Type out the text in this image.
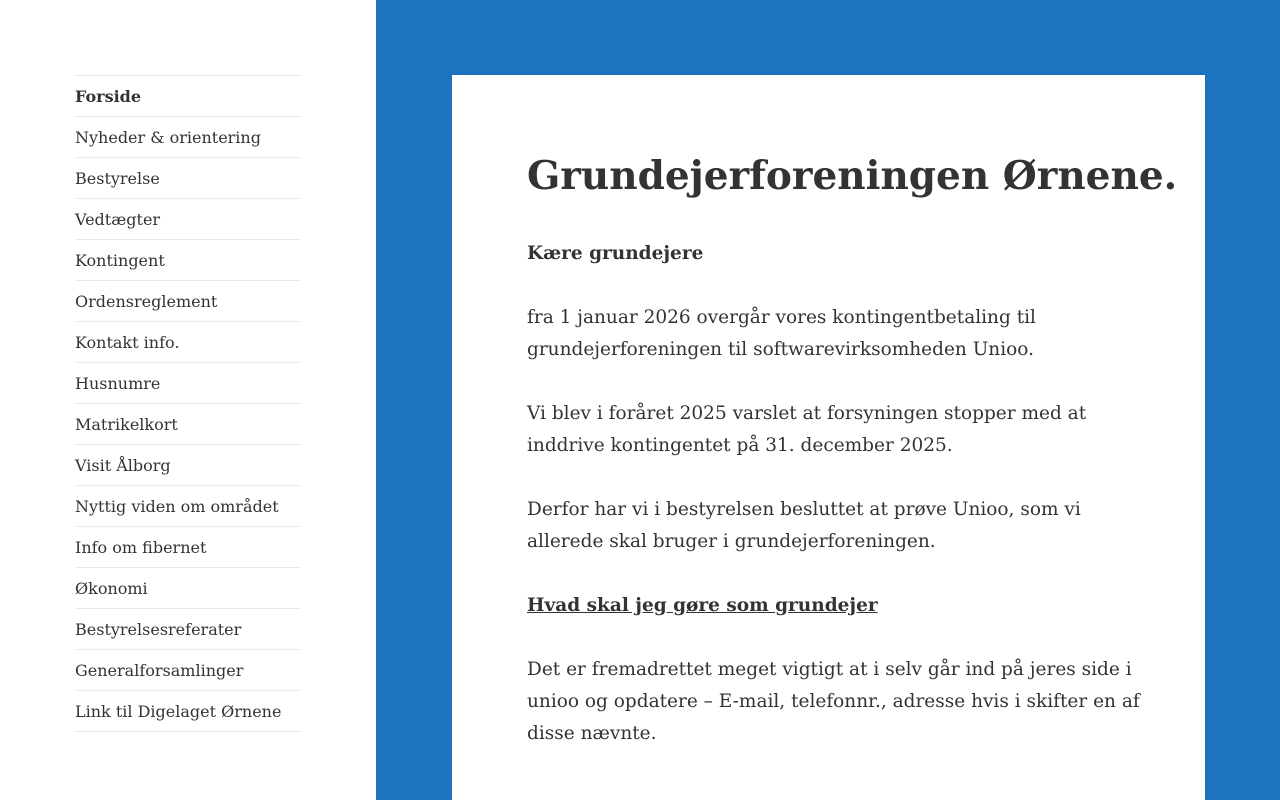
Forside
Nyheder & orientering
Bestyrelse
Vedtægter
Kontingent
Ordensreglement
Kontakt info.
Husnumre
Matrikelkort
Visit Ålborg
Nyttig viden om området
Info om fibernet
Økonomi
Bestyrelsesreferater
Generalforsamlinger
Link til Digelaget Ørnene
Grundejerforeningen Ørnene.

Kære grundejere

fra 1 januar 2026 overgår vores kontingentbetaling til
grundejerforeningen til softwarevirksomheden Unioo.

Vi blev i foråret 2025 varslet at forsyningen stopper med at
inddrive kontingentet på 31. december 2025.

Derfor har vi i bestyrelsen besluttet at prøve Unioo, som vi
allerede skal bruger i grundejerforeningen.

Hvad skal jeg gøre som grundejer

Det er fremadrettet meget vigtigt at i selv går ind på jeres side i
unioo og opdatere – E-mail, telefonnr., adresse hvis i skifter en af
disse nævnte.
